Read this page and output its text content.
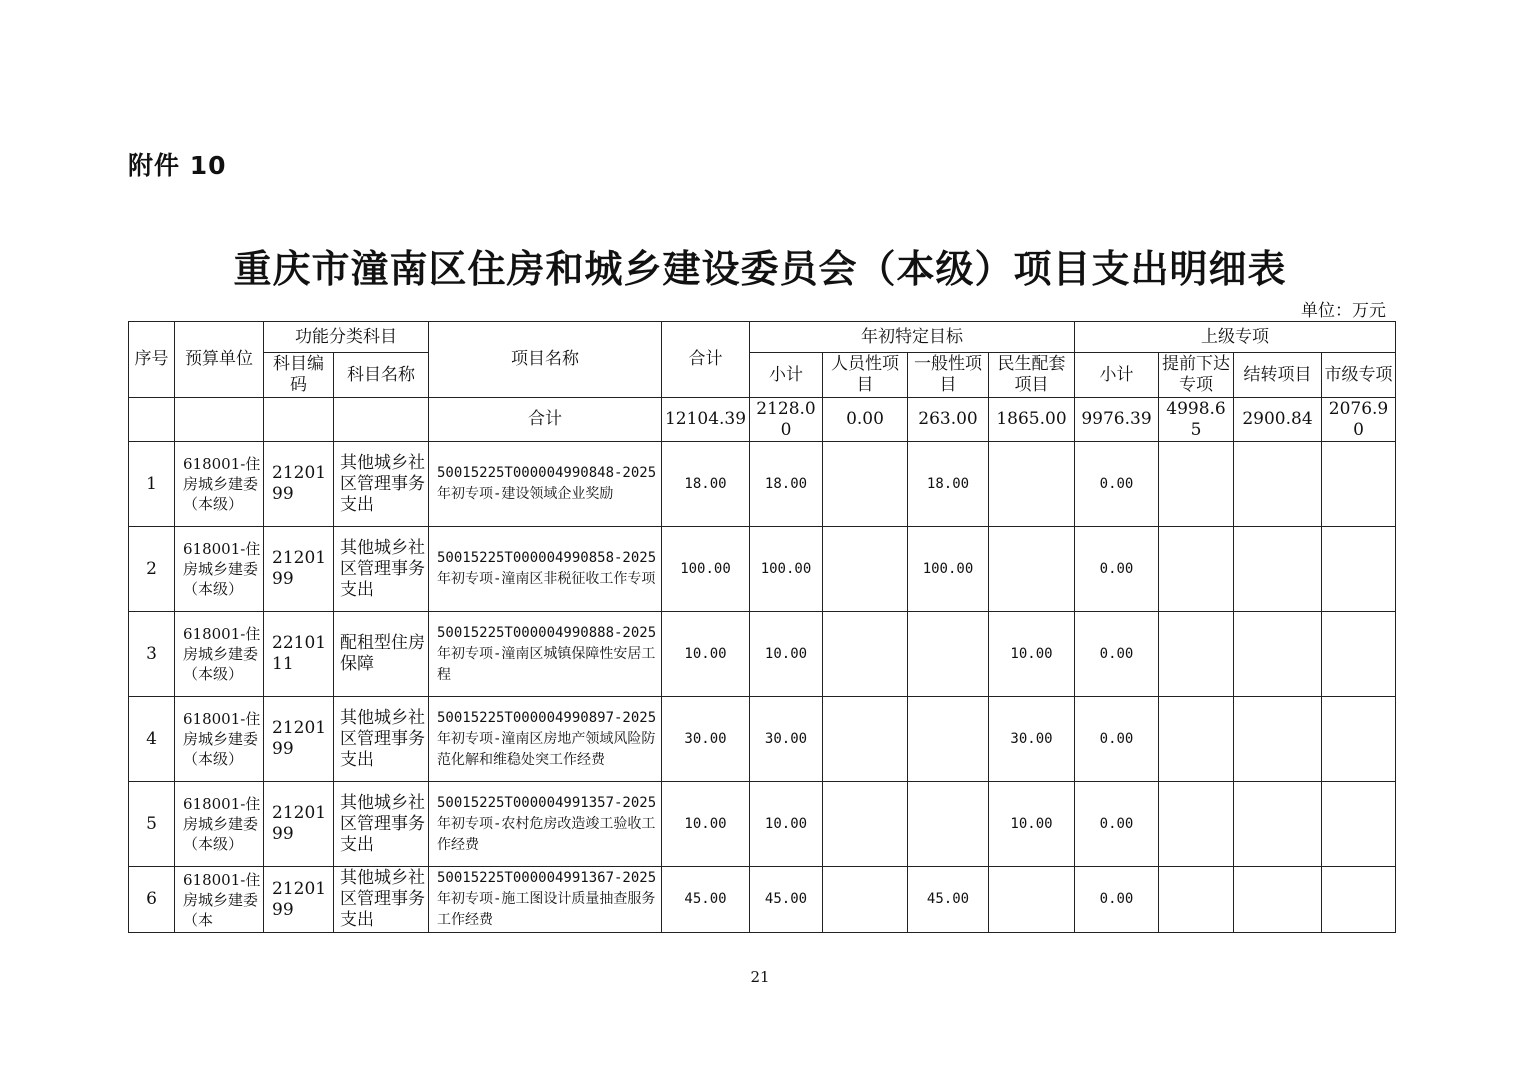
附件 10
重庆市潼南区住房和城乡建设委员会（本级）项目支出明细表
单位：万元
序号	预算单位	功能分类科目		项目名称	合计	年初特定目标				上级专项			
		科目编码	科目名称			小计	人员性项目	一般性项目	民生配套项目	小计	提前下达专项	结转项目	市级专项
				合计	12104.39	2128.00	0.00	263.00	1865.00	9976.39	4998.65	2900.84	2076.90
1	618001-住房城乡建委（本级）	2120199	其他城乡社区管理事务支出	50015225T000004990848-2025年初专项-建设领域企业奖励	18.00	18.00		18.00		0.00			
2	618001-住房城乡建委（本级）	2120199	其他城乡社区管理事务支出	50015225T000004990858-2025年初专项-潼南区非税征收工作专项	100.00	100.00		100.00		0.00			
3	618001-住房城乡建委（本级）	2210111	配租型住房保障	50015225T000004990888-2025年初专项-潼南区城镇保障性安居工程	10.00	10.00			10.00	0.00			
4	618001-住房城乡建委（本级）	2120199	其他城乡社区管理事务支出	50015225T000004990897-2025年初专项-潼南区房地产领域风险防范化解和维稳处突工作经费	30.00	30.00			30.00	0.00			
5	618001-住房城乡建委（本级）	2120199	其他城乡社区管理事务支出	50015225T000004991357-2025年初专项-农村危房改造竣工验收工作经费	10.00	10.00			10.00	0.00			
6	618001-住房城乡建委（本	2120199	其他城乡社区管理事务支出	50015225T000004991367-2025年初专项-施工图设计质量抽查服务工作经费	45.00	45.00		45.00		0.00			
21
